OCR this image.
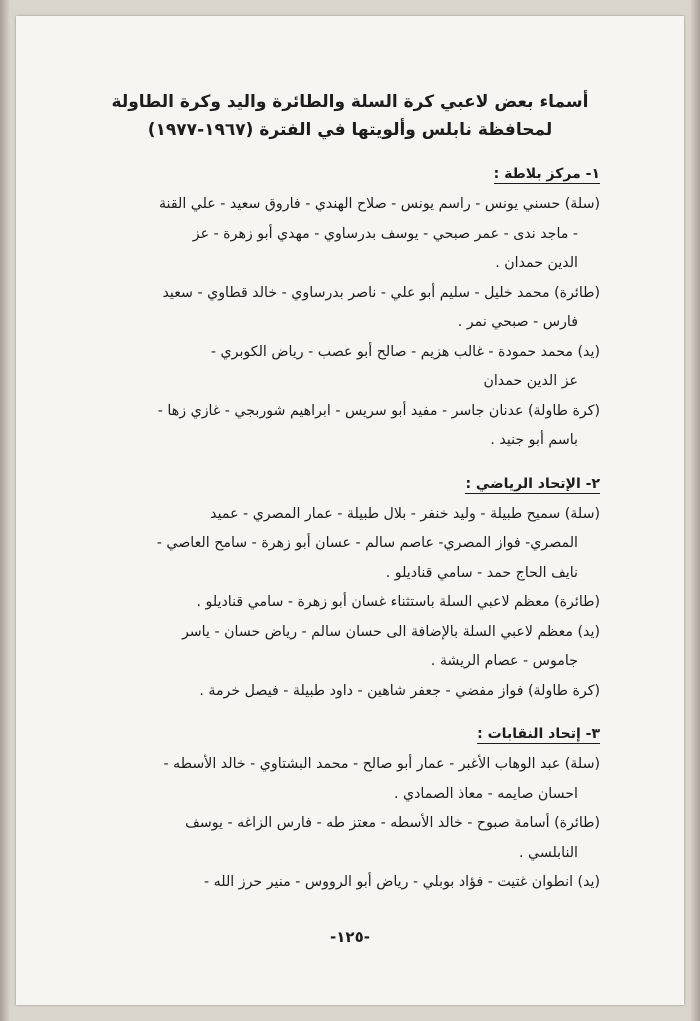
أسماء بعض لاعبي كرة السلة والطائرة واليد وكرة الطاولة
لمحافظة نابلس وألويتها في الفترة (١٩٦٧-١٩٧٧)

١- مركز بلاطة :

(سلة) حسني يونس - راسم يونس - صلاح الهندي - فاروق سعيد - علي القنة
- ماجد ندى - عمر صبحي - يوسف بدرساوي - مهدي أبو زهرة - عز
الدين حمدان .

(طائرة) محمد خليل - سليم أبو علي - ناصر بدرساوي - خالد قطاوي - سعيد
فارس - صبحي نمر .

(يد) محمد حمودة - غالب هزيم - صالح أبو عصب - رياض الكوبري -
عز الدين حمدان

(كرة طاولة) عدنان جاسر - مفيد أبو سريس - ابراهيم شوربجي - غازي زها -
باسم أبو جنيد .

٢- الإتحاد الرياضي :

(سلة) سميح طبيلة - وليد خنفر - بلال طبيلة - عمار المصري - عميد
المصري- فواز المصري- عاصم سالم - عسان أبو زهرة - سامح العاصي -
نايف الحاج حمد - سامي قناديلو .

(طائرة) معظم لاعبي السلة باستثناء غسان أبو زهرة - سامي قناديلو .

(يد) معظم لاعبي السلة بالإضافة الى حسان سالم - رياض حسان - ياسر
جاموس - عصام الريشة .

(كرة طاولة) فواز مفضي - جعفر شاهين - داود طبيلة - فيصل خرمة .

٣- إتحاد النقابات :

(سلة) عبد الوهاب الأغبر - عمار أبو صالح - محمد البشتاوي - خالد الأسطه -
احسان صايمه - معاذ الصمادي .

(طائرة) أسامة صبوح - خالد الأسطه - معتز طه - فارس الزاغه - يوسف
النابلسي .

(يد) انطوان غتيت - فؤاد بوبلي - رياض أبو الرووس - منير حرز الله -

-١٢٥-
